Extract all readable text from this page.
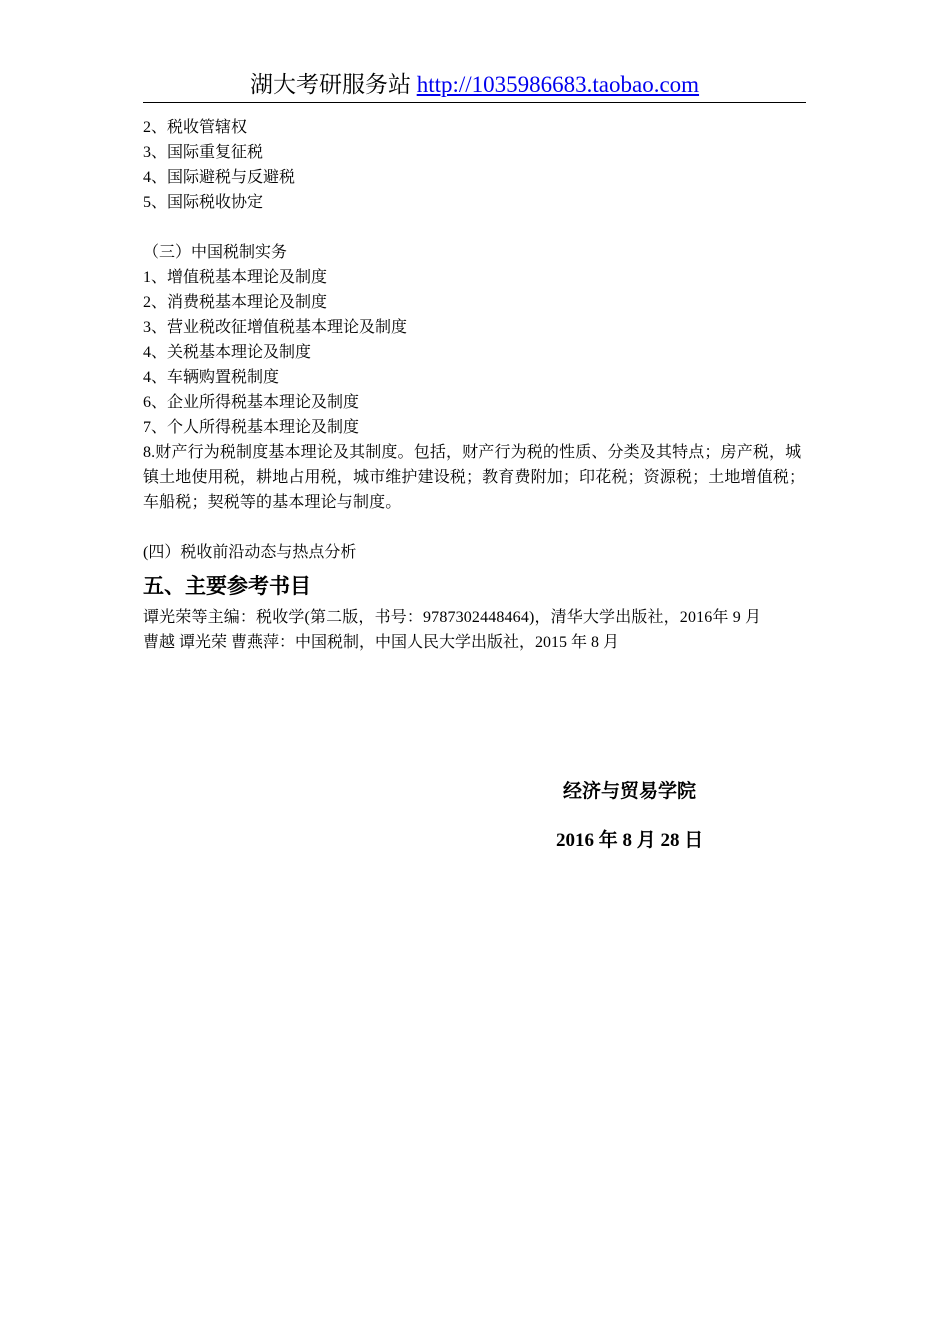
湖大考研服务站 http://1035986683.taobao.com
2、税收管辖权
3、国际重复征税
4、国际避税与反避税
5、国际税收协定
（三）中国税制实务
1、增值税基本理论及制度
2、消费税基本理论及制度
3、营业税改征增值税基本理论及制度
4、关税基本理论及制度
4、车辆购置税制度
6、企业所得税基本理论及制度
7、个人所得税基本理论及制度
8.财产行为税制度基本理论及其制度。包括，财产行为税的性质、分类及其特点；房产税，城镇土地使用税，耕地占用税，城市维护建设税；教育费附加；印花税；资源税；土地增值税；车船税；契税等的基本理论与制度。
(四）税收前沿动态与热点分析
五、主要参考书目
谭光荣等主编：税收学(第二版，书号：9787302448464)，清华大学出版社，2016年 9 月
曹越 谭光荣 曹燕萍：中国税制，中国人民大学出版社，2015 年 8 月
经济与贸易学院
2016 年 8 月 28 日
